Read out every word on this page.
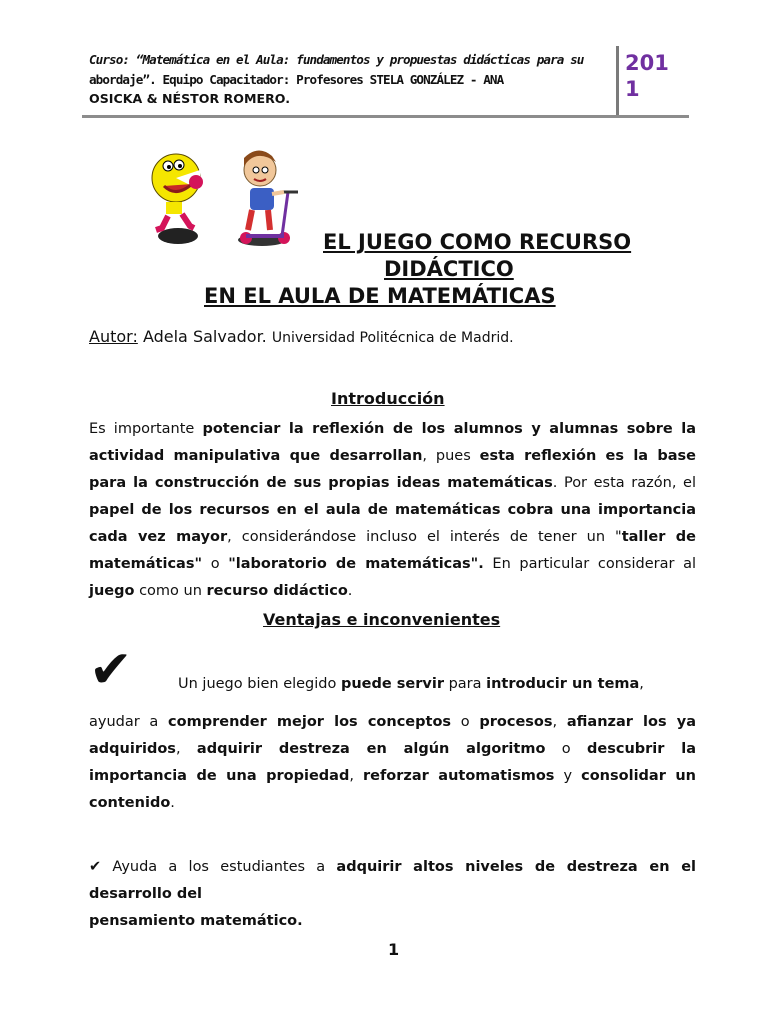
Curso: “Matemática en el Aula: fundamentos y propuestas didácticas para su
abordaje”. Equipo Capacitador: Profesores STELA GONZÁLEZ - ANA
OSICKA & NÉSTOR ROMERO.
201
1
EL JUEGO COMO RECURSO
DIDÁCTICO
EN EL AULA DE MATEMÁTICAS
Autor: Adela Salvador. Universidad Politécnica de Madrid.
Introducción
Es importante potenciar la reflexión de los alumnos y alumnas sobre la actividad manipulativa que desarrollan, pues esta reflexión es la base para la construcción de sus propias ideas matemáticas. Por esta razón, el papel de los recursos en el aula de matemáticas cobra una importancia cada vez mayor, considerándose incluso el interés de tener un "taller de matemáticas" o "laboratorio de matemáticas". En particular considerar al juego como un recurso didáctico.
Ventajas e inconvenientes
✔	Un juego bien elegido puede servir para introducir un tema,
ayudar a comprender mejor los conceptos o procesos, afianzar los ya adquiridos, adquirir destreza en algún algoritmo o descubrir la importancia de una propiedad, reforzar automatismos y consolidar un contenido.
✔ Ayuda a los estudiantes a adquirir altos niveles de destreza en el desarrollo del
pensamiento matemático.
1
